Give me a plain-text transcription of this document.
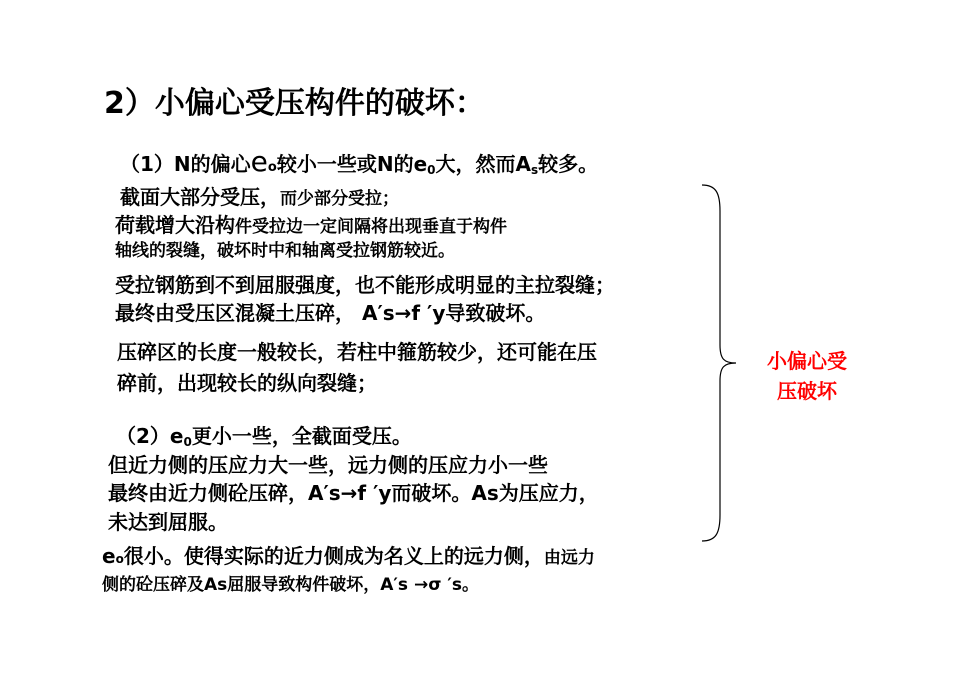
2）小偏心受压构件的破坏：
（1）N的偏心eo较小一些或N的$e_0$大，然而$A_s$较多。
截面大部分受压，而少部分受拉；
荷载增大沿构件受拉边一定间隔将出现垂直于构件
轴线的裂缝，破坏时中和轴离受拉钢筋较近。
受拉钢筋到不到屈服强度，也不能形成明显的主拉裂缝；
最终由受压区混凝土压碎， A′s→f ′y导致破坏。
压碎区的长度一般较长，若柱中箍筋较少，还可能在压
碎前，出现较长的纵向裂缝；
$(2)e_0$更小一些，全截面受压。
但近力侧的压应力大一些，远力侧的压应力小一些
最终由近力侧砼压碎，A′s→f ′y而破坏。As为压应力，
未达到屈服。
eo很小。使得实际的近力侧成为名义上的远力侧，由远力
侧的砼压碎及As屈服导致构件破坏，A′s →σ ′s。
小偏心受
压破坏
